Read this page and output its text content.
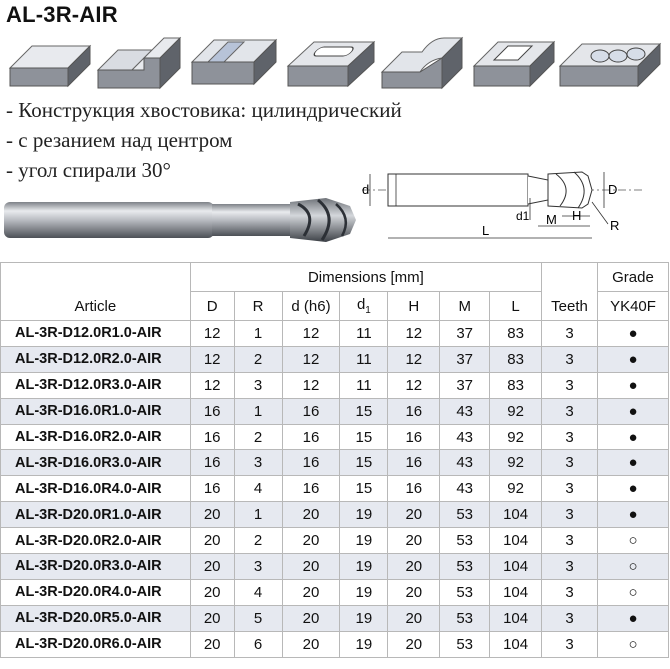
AL-3R-AIR
- Конструкция хвостовика: цилиндрический
- с резанием над центром
- угол спирали 30°
d	D
d1 M H
R
L
Article	Dimensions [mm]							Teeth	Grade
	D	R	d (h6)	$d_1$	H	M	L		YK40F
AL-3R-D12.0R1.0-AIR	12	1	12	11	12	37	83	3	●
AL-3R-D12.0R2.0-AIR	12	2	12	11	12	37	83	3	●
AL-3R-D12.0R3.0-AIR	12	3	12	11	12	37	83	3	●
AL-3R-D16.0R1.0-AIR	16	1	16	15	16	43	92	3	●
AL-3R-D16.0R2.0-AIR	16	2	16	15	16	43	92	3	●
AL-3R-D16.0R3.0-AIR	16	3	16	15	16	43	92	3	●
AL-3R-D16.0R4.0-AIR	16	4	16	15	16	43	92	3	●
AL-3R-D20.0R1.0-AIR	20	1	20	19	20	53	104	3	●
AL-3R-D20.0R2.0-AIR	20	2	20	19	20	53	104	3	○
AL-3R-D20.0R3.0-AIR	20	3	20	19	20	53	104	3	○
AL-3R-D20.0R4.0-AIR	20	4	20	19	20	53	104	3	○
AL-3R-D20.0R5.0-AIR	20	5	20	19	20	53	104	3	●
AL-3R-D20.0R6.0-AIR	20	6	20	19	20	53	104	3	○
